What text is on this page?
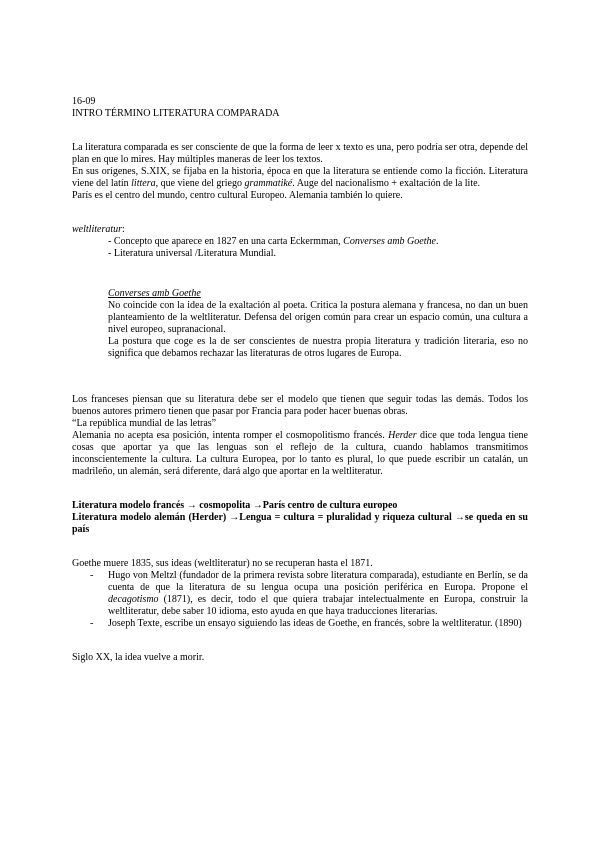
16-09

INTRO TÉRMINO LITERATURA COMPARADA

La literatura comparada es ser consciente de que la forma de leer x texto es una, pero podría ser otra, depende del plan en que lo mires. Hay múltiples maneras de leer los textos.

En sus orígenes, S.XIX, se fijaba en la historia, época en que la literatura se entiende como la ficción. Literatura viene del latín littera, que viene del griego grammatiké. Auge del nacionalismo + exaltación de la lite.

París es el centro del mundo, centro cultural Europeo. Alemania también lo quiere.

weltliteratur:

- Concepto que aparece en 1827 en una carta Eckermman, Converses amb Goethe.

- Literatura universal /Literatura Mundial.

Converses amb Goethe

No coincide con la idea de la exaltación al poeta. Critica la postura alemana y francesa, no dan un buen planteamiento de la weltliteratur. Defensa del origen común para crear un espacio común, una cultura a nivel europeo, supranacional.

La postura que coge es la de ser conscientes de nuestra propia literatura y tradición literaria, eso no significa que debamos rechazar las literaturas de otros lugares de Europa.

Los franceses piensan que su literatura debe ser el modelo que tienen que seguir todas las demás. Todos los buenos autores primero tienen que pasar por Francia para poder hacer buenas obras.

“La república mundial de las letras”

Alemania no acepta esa posición, intenta romper el cosmopolitismo francés. Herder dice que toda lengua tiene cosas que aportar ya que las lenguas son el reflejo de la cultura, cuando hablamos transmitimos inconscientemente la cultura. La cultura Europea, por lo tanto es plural, lo que puede escribir un catalán, un madrileño, un alemán, será diferente, dará algo que aportar en la weltliteratur.

Literatura modelo francés → cosmopolita →París centro de cultura europeo

Literatura modelo alemán (Herder) →Lengua = cultura = pluralidad y riqueza cultural →se queda en su país

Goethe muere 1835, sus ideas (weltliteratur) no se recuperan hasta el 1871.

- Hugo von Meltzl (fundador de la primera revista sobre literatura comparada), estudiante en Berlín, se da cuenta de que la literatura de su lengua ocupa una posición periférica en Europa. Propone el decagotismo (1871), es decir, todo el que quiera trabajar intelectualmente en Europa, construir la weltliteratur, debe saber 10 idioma, esto ayuda en que haya traducciones literarias.
- Joseph Texte, escribe un ensayo siguiendo las ideas de Goethe, en francés, sobre la weltliteratur. (1890)

Siglo XX, la idea vuelve a morir.
